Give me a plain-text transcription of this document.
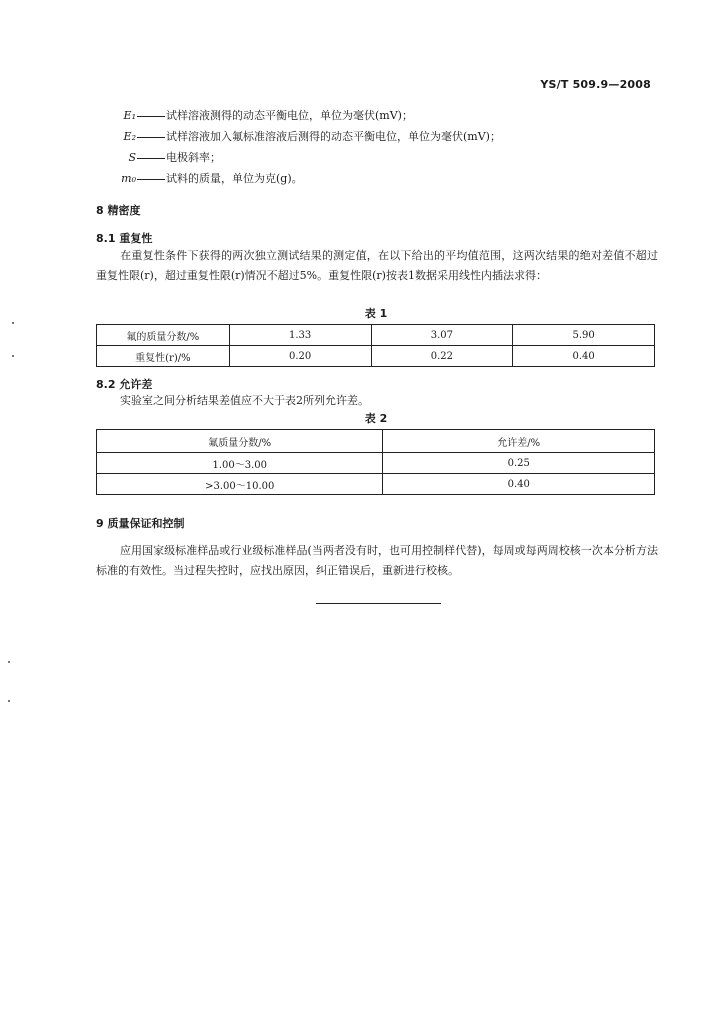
YS/T 509.9—2008
E₁	试样溶液测得的动态平衡电位，单位为毫伏(mV)；
E₂	试样溶液加入氟标准溶液后测得的动态平衡电位，单位为毫伏(mV)；
S	电极斜率；
m₀	试料的质量，单位为克(g)。
8 精密度
8.1 重复性
在重复性条件下获得的两次独立测试结果的测定值，在以下给出的平均值范围，这两次结果的绝对差值不超过重复性限(r)，超过重复性限(r)情况不超过5%。重复性限(r)按表1数据采用线性内插法求得：
表 1
氟的质量分数/%	1.33	3.07	5.90
重复性(r)/%	0.20	0.22	0.40
8.2 允许差
实验室之间分析结果差值应不大于表2所列允许差。
表 2
氟质量分数/%	允许差/%
1.00～3.00	0.25
>3.00～10.00	0.40
9 质量保证和控制
应用国家级标准样品或行业级标准样品(当两者没有时，也可用控制样代替)，每周或每两周校核一次本分析方法标准的有效性。当过程失控时，应找出原因，纠正错误后，重新进行校核。
